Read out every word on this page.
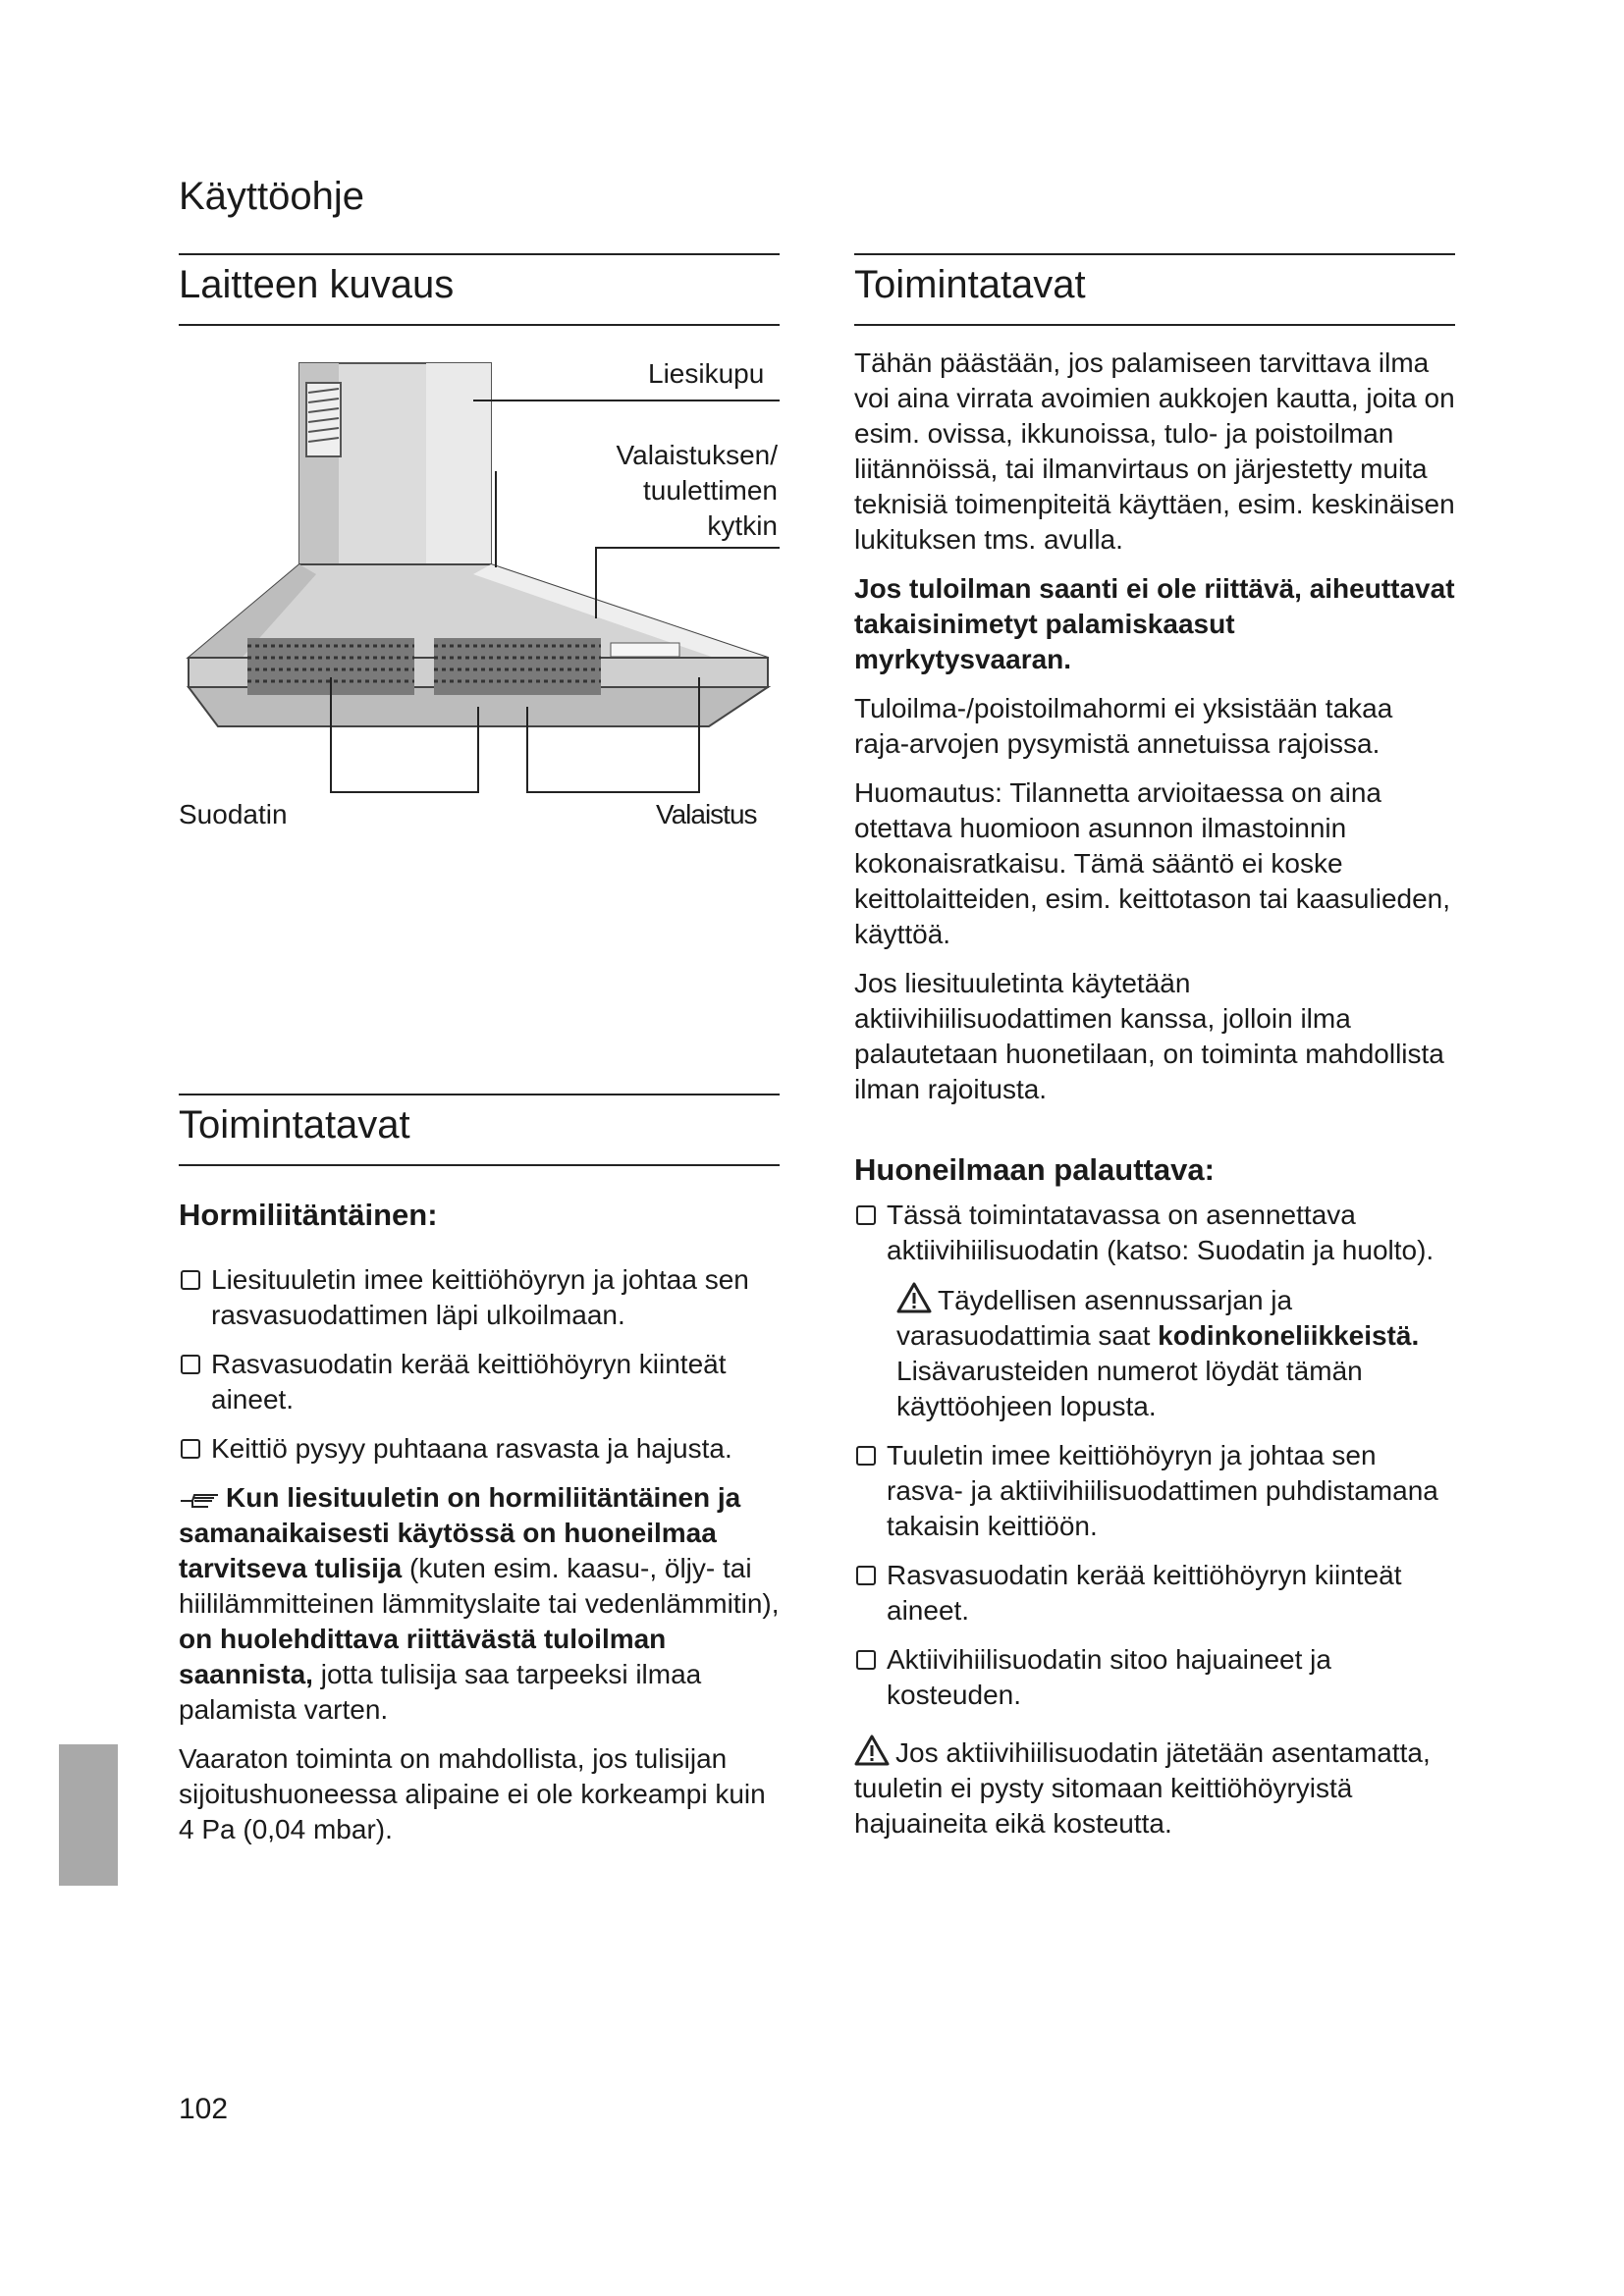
Käyttöohje
Laitteen kuvaus
Liesikupu
Valaistuksen/
tuulettimen
kytkin
Suodatin	Valaistus
Toimintatavat
Hormiliitäntäinen:
Liesituuletin imee keittiöhöyryn ja johtaa sen rasvasuodattimen läpi ulkoilmaan.
Rasvasuodatin kerää keittiöhöyryn kiinteät aineet.
Keittiö pysyy puhtaana rasvasta ja hajusta.

Kun liesituuletin on hormiliitäntäinen ja samanaikaisesti käytössä on huoneilmaa tarvitseva tulisija (kuten esim. kaasu-, öljy- tai hiililämmitteinen lämmityslaite tai vedenlämmitin), on huolehdittava riittävästä tuloilman saannista, jotta tulisija saa tarpeeksi ilmaa palamista varten.

Vaaraton toiminta on mahdollista, jos tulisijan sijoitushuoneessa alipaine ei ole korkeampi kuin 4 Pa (0,04 mbar).

Toimintatavat

Tähän päästään, jos palamiseen tarvittava ilma voi aina virrata avoimien aukkojen kautta, joita on esim. ovissa, ikkunoissa, tulo- ja poistoilman liitännöissä, tai ilmanvirtaus on järjestetty muita teknisiä toimenpiteitä käyttäen, esim. keskinäisen lukituksen tms. avulla.

Jos tuloilman saanti ei ole riittävä, aiheuttavat takaisinimetyt palamiskaasut myrkytysvaaran.

Tuloilma-/poistoilmahormi ei yksistään takaa raja-arvojen pysymistä annetuissa rajoissa.

Huomautus: Tilannetta arvioitaessa on aina otettava huomioon asunnon ilmastoinnin kokonaisratkaisu. Tämä sääntö ei koske keittolaitteiden, esim. keittotason tai kaasulieden, käyttöä.

Jos liesituuletinta käytetään aktiivihiilisuodattimen kanssa, jolloin ilma palautetaan huonetilaan, on toiminta mahdollista ilman rajoitusta.

Huoneilmaan palauttava:
Tässä toimintatavassa on asennettava aktiivihiilisuodatin (katso: Suodatin ja huolto).

Täydellisen asennussarjan ja varasuodattimia saat kodinkoneliikkeistä. Lisävarusteiden numerot löydät tämän käyttöohjeen lopusta.

Tuuletin imee keittiöhöyryn ja johtaa sen rasva- ja aktiivihiilisuodattimen puhdistamana takaisin keittiöön.
Rasvasuodatin kerää keittiöhöyryn kiinteät aineet.
Aktiivihiilisuodatin sitoo hajuaineet ja kosteuden.

Jos aktiivihiilisuodatin jätetään asentamatta, tuuletin ei pysty sitomaan keittiöhöyryistä hajuaineita eikä kosteutta.

102
